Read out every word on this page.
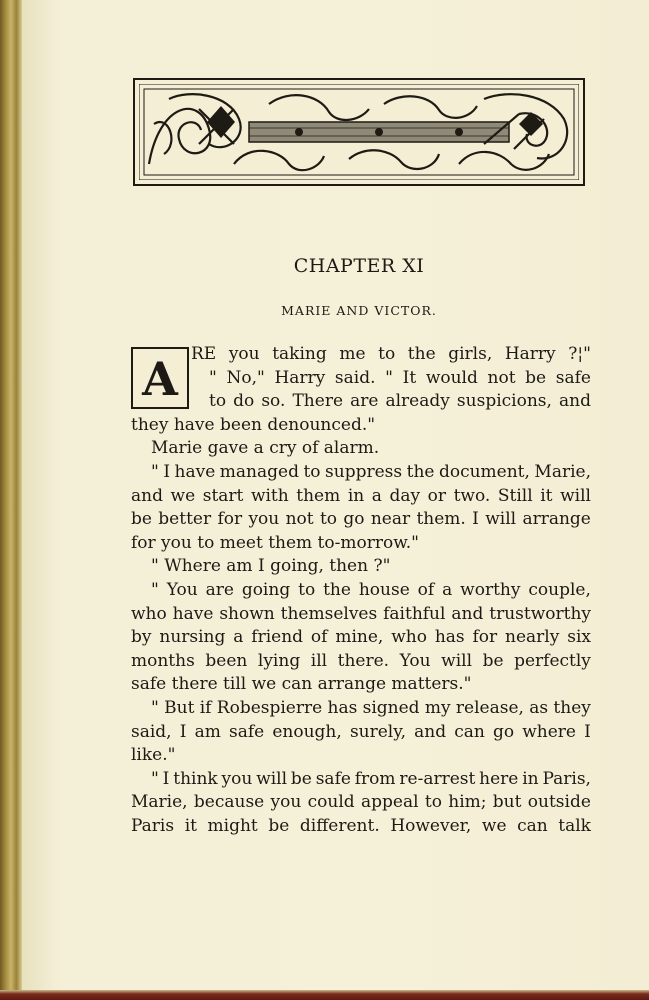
CHAPTER XI
MARIE AND VICTOR.
A RE you taking me to the girls, Harry ?¦"
" No," Harry said. " It would not be safe
to do so. There are already suspicions, and
they have been denounced."
Marie gave a cry of alarm.
" I have managed to suppress the document, Marie,
and we start with them in a day or two. Still it will
be better for you not to go near them. I will arrange
for you to meet them to-morrow."
" Where am I going, then ?"
" You are going to the house of a worthy couple,
who have shown themselves faithful and trustworthy
by nursing a friend of mine, who has for nearly six
months been lying ill there. You will be perfectly
safe there till we can arrange matters."
" But if Robespierre has signed my release, as they
said, I am safe enough, surely, and can go where I
like."
" I think you will be safe from re-arrest here in Paris,
Marie, because you could appeal to him; but outside
Paris it might be different. However, we can talk
